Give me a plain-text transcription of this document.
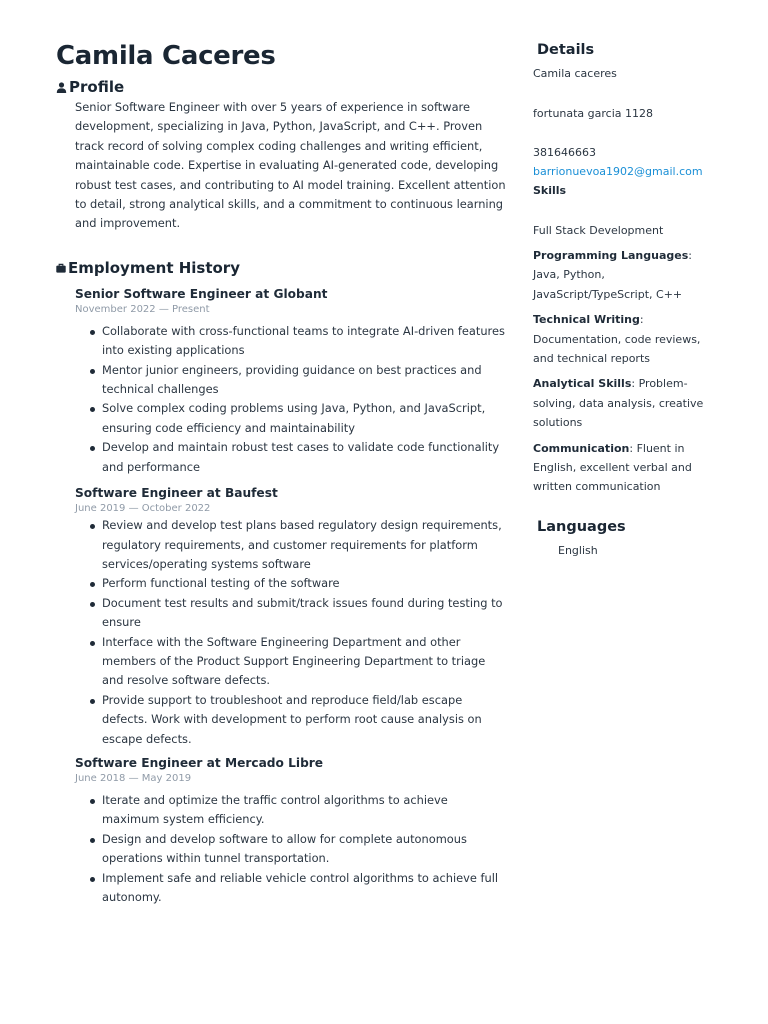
Camila Caceres
Profile

Senior Software Engineer with over 5 years of experience in software development, specializing in Java, Python, JavaScript, and C++. Proven track record of solving complex coding challenges and writing efficient, maintainable code. Expertise in evaluating AI-generated code, developing robust test cases, and contributing to AI model training. Excellent attention to detail, strong analytical skills, and a commitment to continuous learning and improvement.

Employment History
Senior Software Engineer at Globant
November 2022 — Present
Collaborate with cross-functional teams to integrate AI-driven features into existing applications
Mentor junior engineers, providing guidance on best practices and technical challenges
Solve complex coding problems using Java, Python, and JavaScript, ensuring code efficiency and maintainability
Develop and maintain robust test cases to validate code functionality and performance
Software Engineer at Baufest
June 2019 — October 2022
Review and develop test plans based regulatory design requirements, regulatory requirements, and customer requirements for platform services/operating systems software
Perform functional testing of the software
Document test results and submit/track issues found during testing to ensure
Interface with the Software Engineering Department and other members of the Product Support Engineering Department to triage and resolve software defects.
Provide support to troubleshoot and reproduce field/lab escape defects. Work with development to perform root cause analysis on escape defects.
Software Engineer at Mercado Libre
June 2018 — May 2019
Iterate and optimize the traffic control algorithms to achieve maximum system efficiency.
Design and develop software to allow for complete autonomous operations within tunnel transportation.
Implement safe and reliable vehicle control algorithms to achieve full autonomy.
Details
Camila caceres
fortunata garcia 1128
381646663
barrionuevoa1902@gmail.com
Skills
Full Stack Development
Programming Languages: Java, Python, JavaScript/TypeScript, C++
Technical Writing: Documentation, code reviews, and technical reports
Analytical Skills: Problem-solving, data analysis, creative solutions
Communication: Fluent in English, excellent verbal and written communication
Languages
English
